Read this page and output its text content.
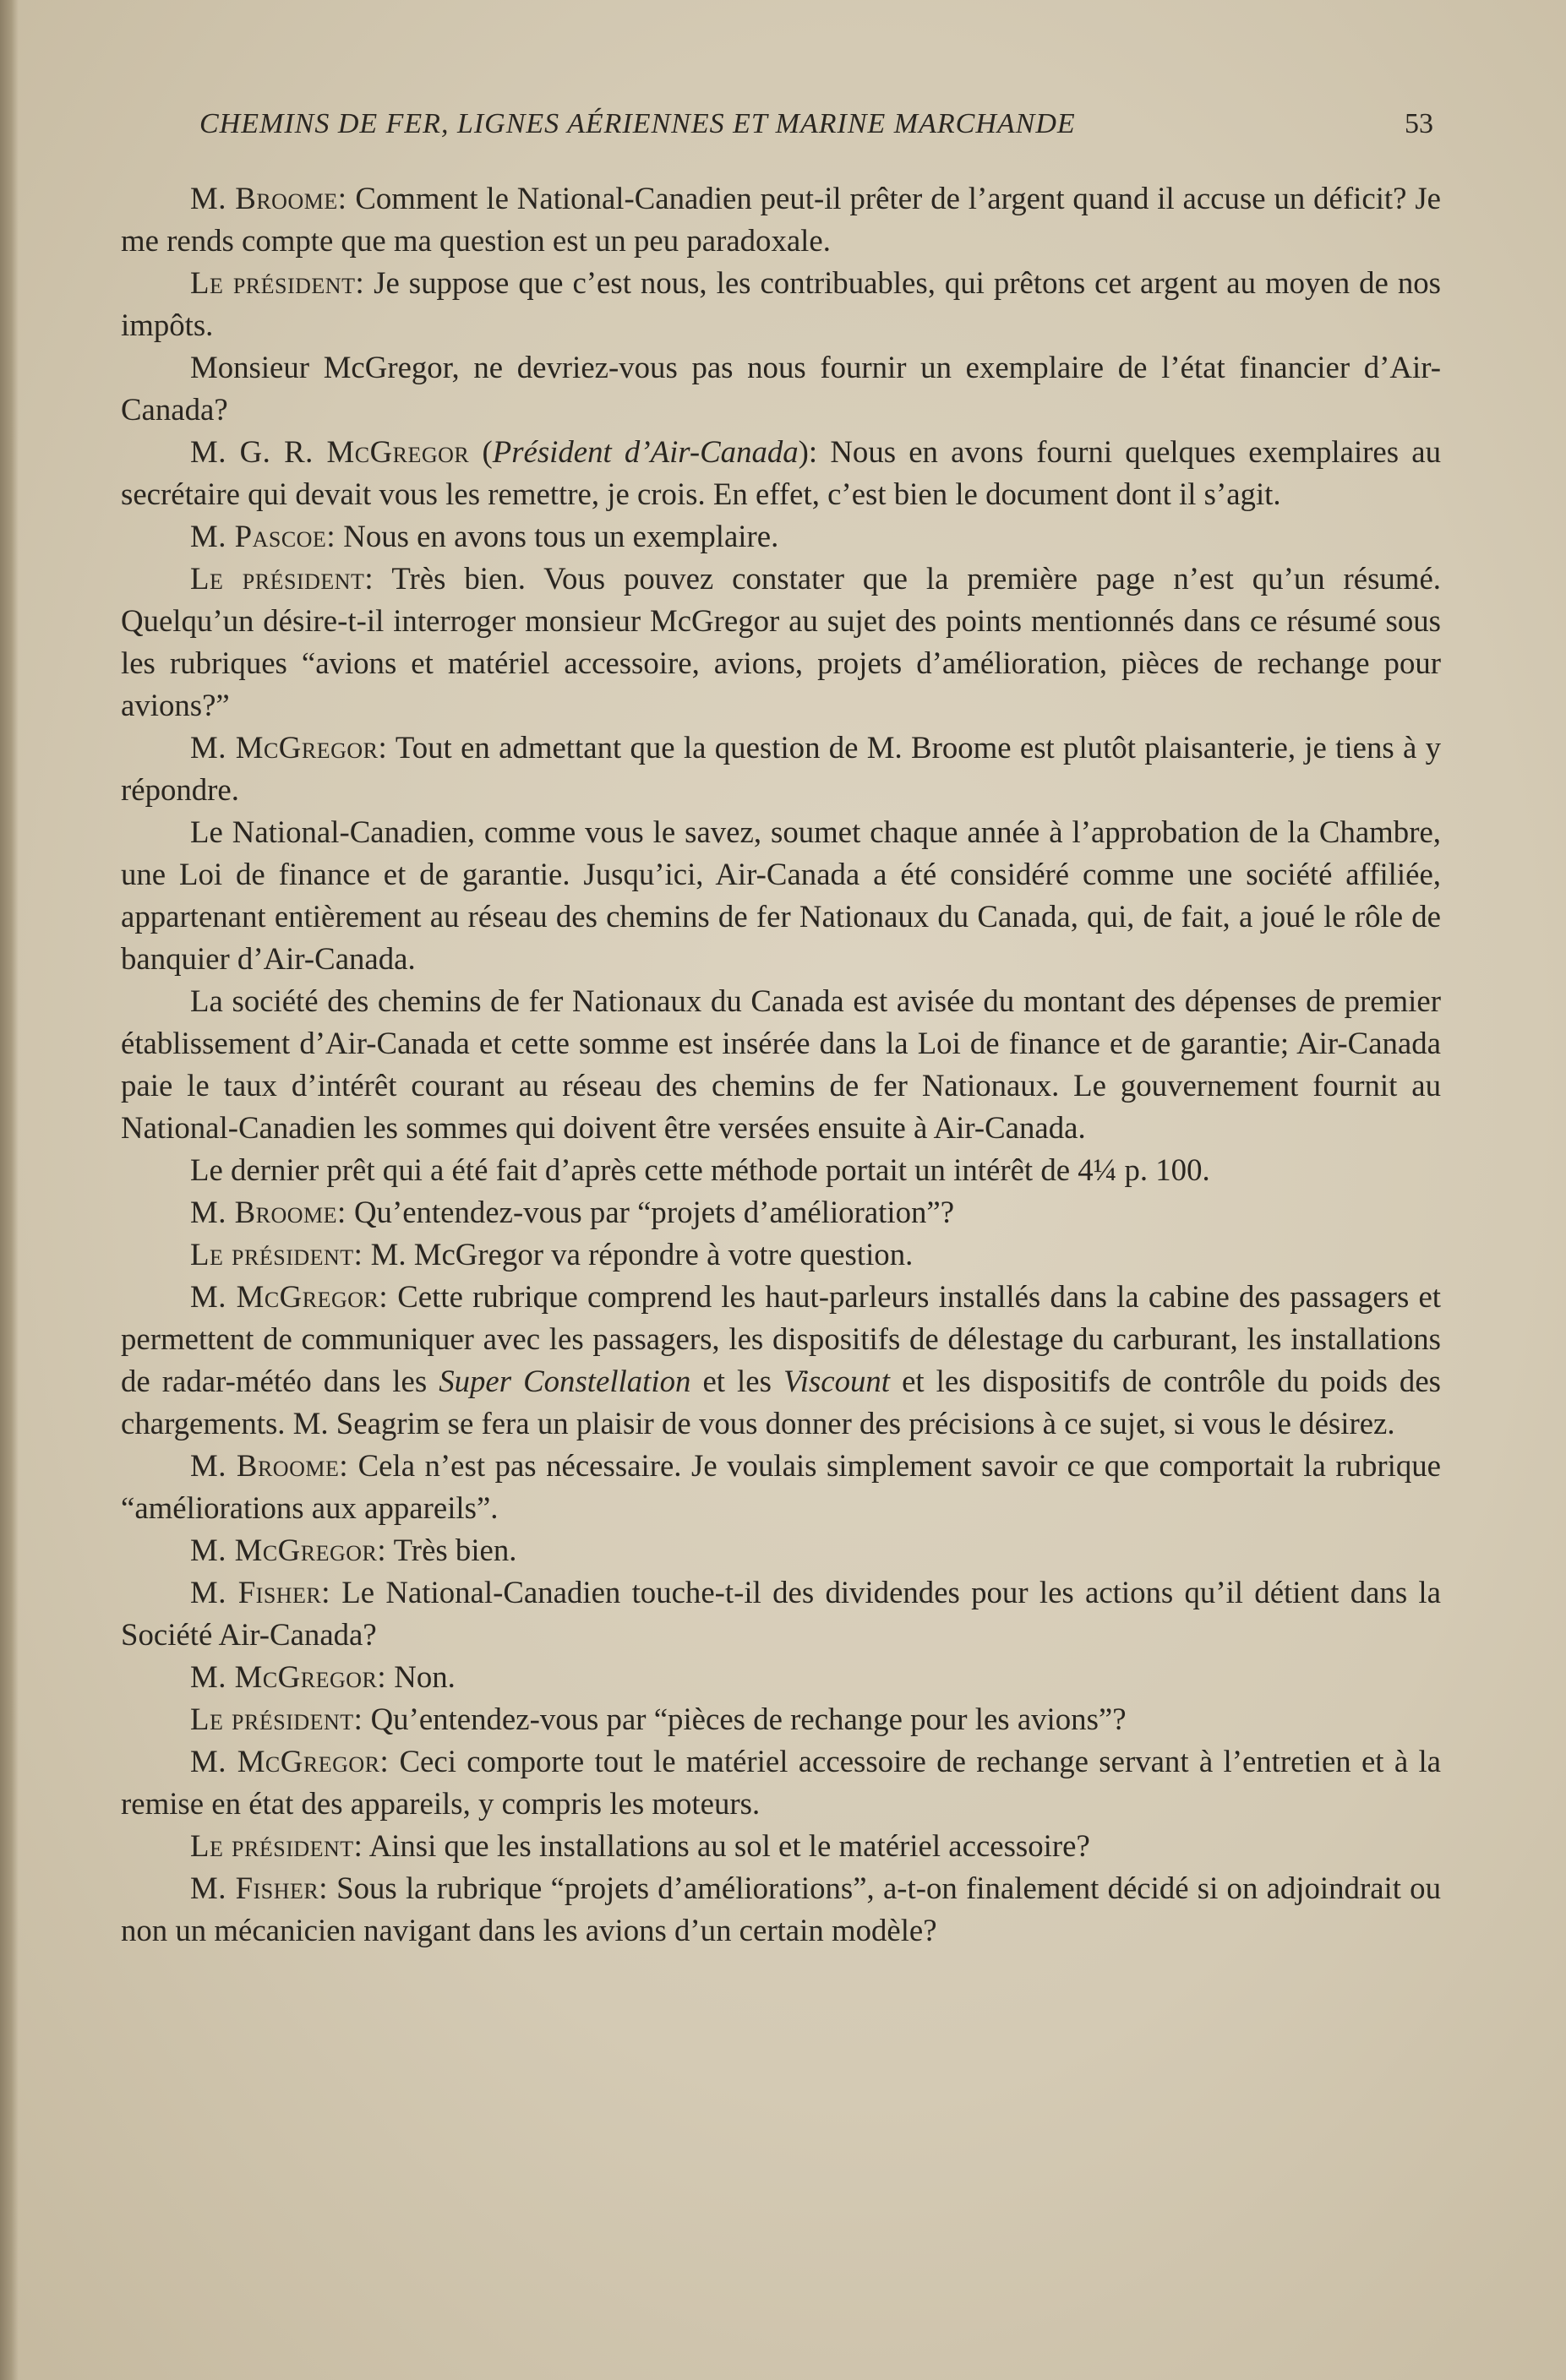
CHEMINS DE FER, LIGNES AÉRIENNES ET MARINE MARCHANDE	53

M. Broome: Comment le National-Canadien peut-il prêter de l’argent quand il accuse un déficit? Je me rends compte que ma question est un peu paradoxale.

Le président: Je suppose que c’est nous, les contribuables, qui prêtons cet argent au moyen de nos impôts.

Monsieur McGregor, ne devriez-vous pas nous fournir un exemplaire de l’état financier d’Air-Canada?

M. G. R. McGregor (Président d’Air-Canada): Nous en avons fourni quelques exemplaires au secrétaire qui devait vous les remettre, je crois. En effet, c’est bien le document dont il s’agit.

M. Pascoe: Nous en avons tous un exemplaire.

Le président: Très bien. Vous pouvez constater que la première page n’est qu’un résumé. Quelqu’un désire-t-il interroger monsieur McGregor au sujet des points mentionnés dans ce résumé sous les rubriques “avions et matériel accessoire, avions, projets d’amélioration, pièces de rechange pour avions?”

M. McGregor: Tout en admettant que la question de M. Broome est plutôt plaisanterie, je tiens à y répondre.

Le National-Canadien, comme vous le savez, soumet chaque année à l’approbation de la Chambre, une Loi de finance et de garantie. Jusqu’ici, Air-Canada a été considéré comme une société affiliée, appartenant entièrement au réseau des chemins de fer Nationaux du Canada, qui, de fait, a joué le rôle de banquier d’Air-Canada.

La société des chemins de fer Nationaux du Canada est avisée du montant des dépenses de premier établissement d’Air-Canada et cette somme est insérée dans la Loi de finance et de garantie; Air-Canada paie le taux d’intérêt courant au réseau des chemins de fer Nationaux. Le gouvernement fournit au National-Canadien les sommes qui doivent être versées ensuite à Air-Canada.

Le dernier prêt qui a été fait d’après cette méthode portait un intérêt de 4¼ p. 100.

M. Broome: Qu’entendez-vous par “projets d’amélioration”?

Le président: M. McGregor va répondre à votre question.

M. McGregor: Cette rubrique comprend les haut-parleurs installés dans la cabine des passagers et permettent de communiquer avec les passagers, les dispositifs de délestage du carburant, les installations de radar-météo dans les Super Constellation et les Viscount et les dispositifs de contrôle du poids des chargements. M. Seagrim se fera un plaisir de vous donner des précisions à ce sujet, si vous le désirez.

M. Broome: Cela n’est pas nécessaire. Je voulais simplement savoir ce que comportait la rubrique “améliorations aux appareils”.

M. McGregor: Très bien.

M. Fisher: Le National-Canadien touche-t-il des dividendes pour les actions qu’il détient dans la Société Air-Canada?

M. McGregor: Non.

Le président: Qu’entendez-vous par “pièces de rechange pour les avions”?

M. McGregor: Ceci comporte tout le matériel accessoire de rechange servant à l’entretien et à la remise en état des appareils, y compris les moteurs.

Le président: Ainsi que les installations au sol et le matériel accessoire?

M. Fisher: Sous la rubrique “projets d’améliorations”, a-t-on finalement décidé si on adjoindrait ou non un mécanicien navigant dans les avions d’un certain modèle?
